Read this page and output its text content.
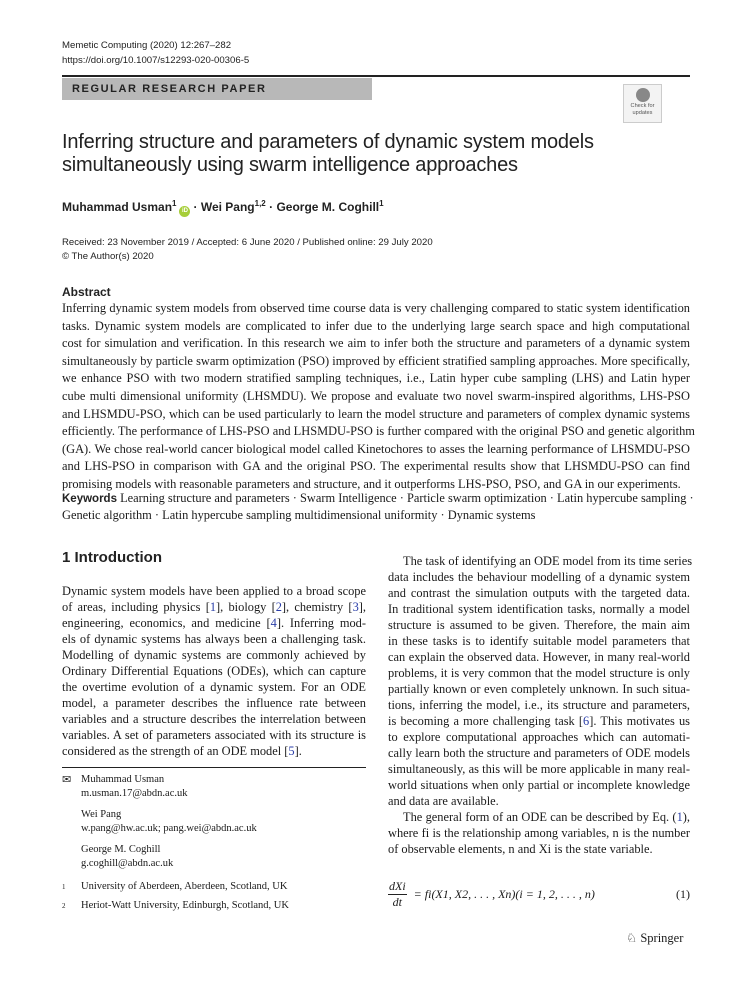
Memetic Computing (2020) 12:267–282
https://doi.org/10.1007/s12293-020-00306-5
REGULAR RESEARCH PAPER
Check for
updates
Inferring structure and parameters of dynamic system models
simultaneously using swarm intelligence approaches
Muhammad Usman$^1$iD · Wei Pang$^{1,2}$ · George M. Coghill$^1$
Received: 23 November 2019 / Accepted: 6 June 2020 / Published online: 29 July 2020
© The Author(s) 2020
Abstract
Inferring dynamic system models from observed time course data is very challenging compared to static system identification
tasks. Dynamic system models are complicated to infer due to the underlying large search space and high computational
cost for simulation and verification. In this research we aim to infer both the structure and parameters of a dynamic system
simultaneously by particle swarm optimization (PSO) improved by efficient stratified sampling approaches. More specifically,
we enhance PSO with two modern stratified sampling techniques, i.e., Latin hyper cube sampling (LHS) and Latin hyper
cube multi dimensional uniformity (LHSMDU). We propose and evaluate two novel swarm-inspired algorithms, LHS-PSO
and LHSMDU-PSO, which can be used particularly to learn the model structure and parameters of complex dynamic systems
efficiently. The performance of LHS-PSO and LHSMDU-PSO is further compared with the original PSO and genetic algorithm
(GA). We chose real-world cancer biological model called Kinetochores to asses the learning performance of LHSMDU-PSO
and LHS-PSO in comparison with GA and the original PSO. The experimental results show that LHSMDU-PSO can find
promising models with reasonable parameters and structure, and it outperforms LHS-PSO, PSO, and GA in our experiments.
Keywords Learning structure and parameters · Swarm Intelligence · Particle swarm optimization · Latin hypercube sampling ·
Genetic algorithm · Latin hypercube sampling multidimensional uniformity · Dynamic systems
1 Introduction
Dynamic system models have been applied to a broad scope
of areas, including physics [1], biology [2], chemistry [3],
engineering, economics, and medicine [4]. Inferring mod-
els of dynamic systems has always been a challenging task.
Modelling of dynamic systems are commonly achieved by
Ordinary Differential Equations (ODEs), which can capture
the overtime evolution of a dynamic system. For an ODE
model, a parameter describes the influence rate between
variables and a structure describes the interrelation between
variables. A set of parameters associated with its structure is
considered as the strength of an ODE model [5].
✉ Muhammad Usman
m.usman.17@abdn.ac.uk
Wei Pang
w.pang@hw.ac.uk; pang.wei@abdn.ac.uk
George M. Coghill
g.coghill@abdn.ac.uk
1 University of Aberdeen, Aberdeen, Scotland, UK
2 Heriot-Watt University, Edinburgh, Scotland, UK
The task of identifying an ODE model from its time series
data includes the behaviour modelling of a dynamic system
and contrast the simulation outputs with the targeted data.
In traditional system identification tasks, normally a model
structure is assumed to be given. Therefore, the main aim
in these tasks is to identify suitable model parameters that
can explain the observed data. However, in many real-world
problems, it is very common that the model structure is only
partially known or even completely unknown. In such situa-
tions, inferring the model, i.e., its structure and parameters,
is becoming a more challenging task [6]. This motivates us
to explore computational approaches which can automati-
cally learn both the structure and parameters of ODE models
simultaneously, as this will be more applicable in many real-
world situations when only partial or incomplete knowledge
and data are available.
The general form of an ODE can be described by Eq. (1),
where fi is the relationship among variables, n is the number
of observable elements, n and Xi is the state variable.
dXi
dt
= fi(X1, X2, . . . , Xn)(i = 1, 2, . . . , n)	(1)
♘ Springer
